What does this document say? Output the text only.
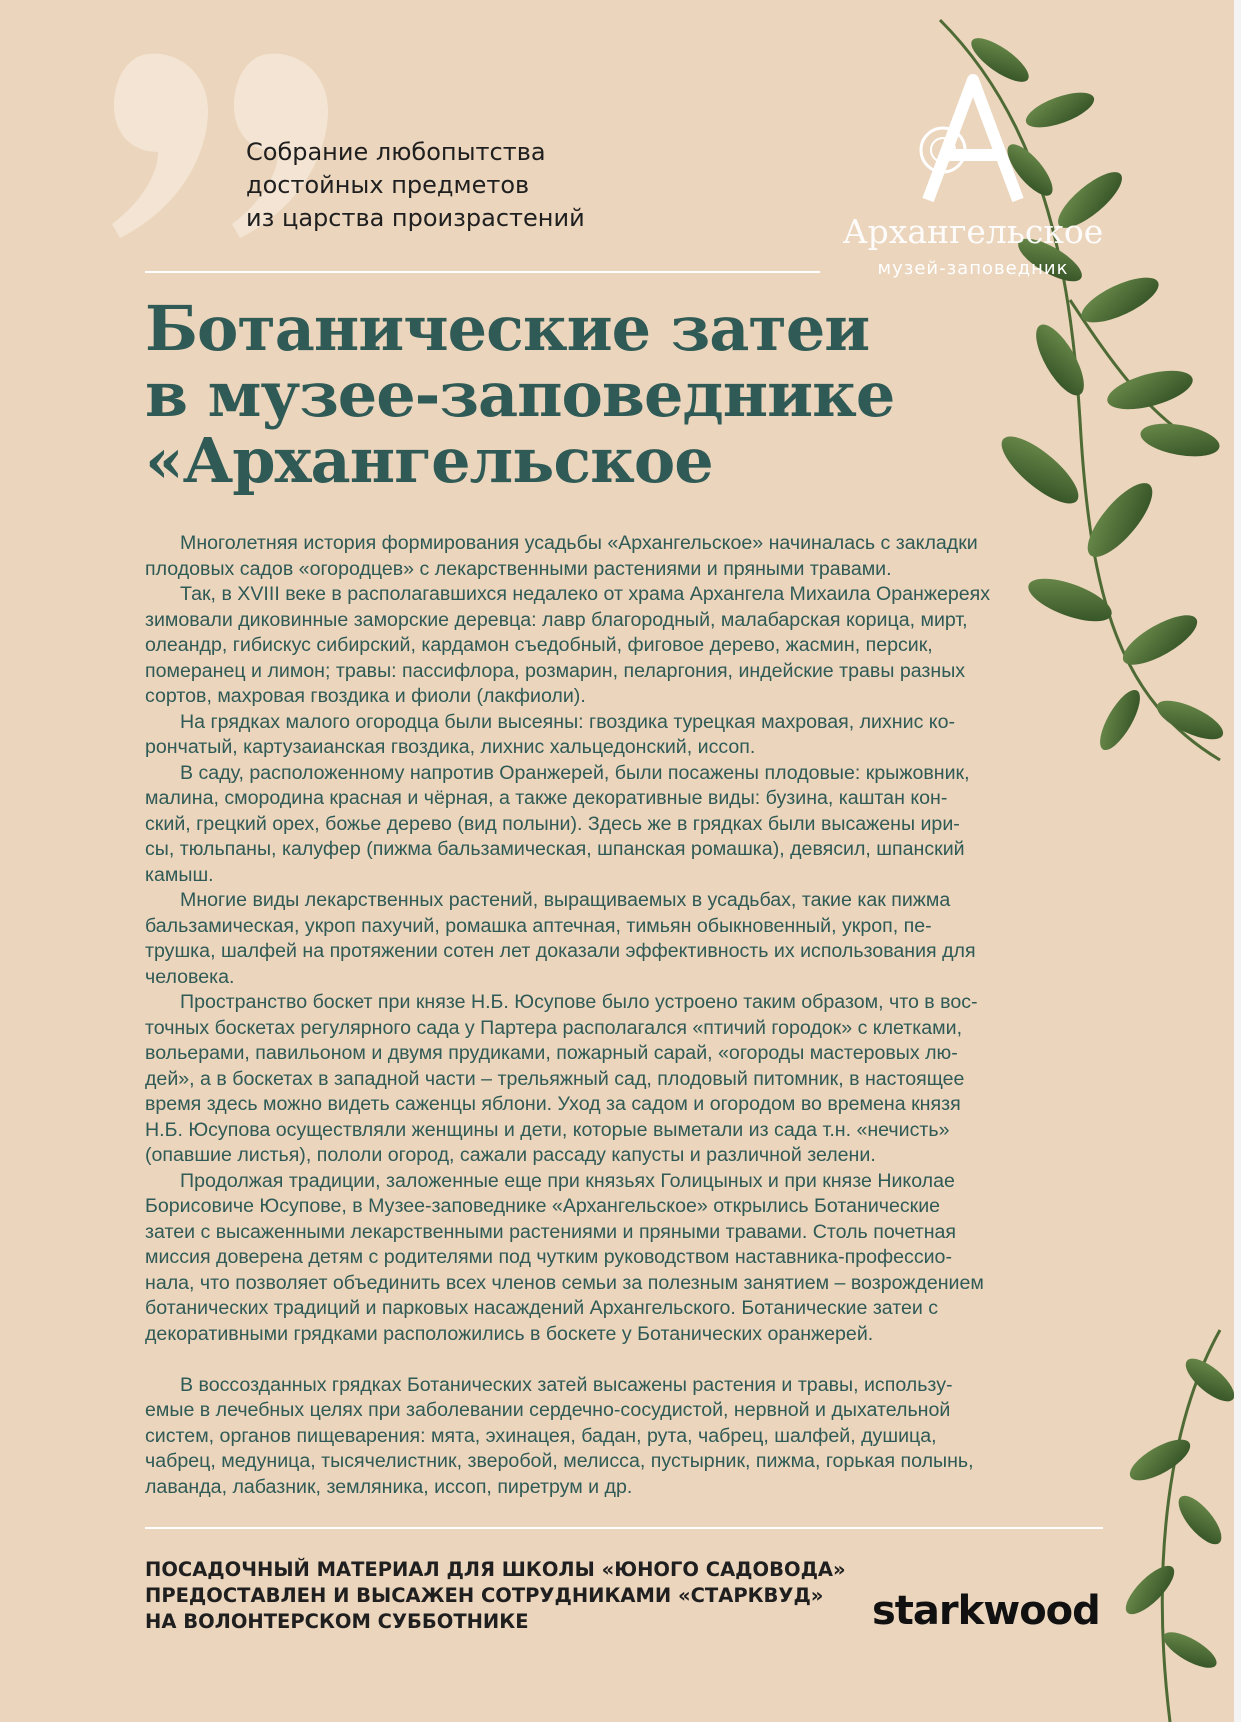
Собрание любопытства
достойных предметов
из царства произрастений
Ботанические затеи
в музее-заповеднике
«Архангельское
Многолетняя история формирования усадьбы «Архангельское» начиналась с закладки
плодовых садов «огородцев» с лекарственными растениями и пряными травами.
Так, в XVIII веке в располагавшихся недалеко от храма Архангела Михаила Оранжереях
зимовали диковинные заморские деревца: лавр благородный, малабарская корица, мирт,
олеандр, гибискус сибирский, кардамон съедобный, фиговое дерево, жасмин, персик,
померанец и лимон; травы: пассифлора, розмарин, пеларгония, индейские травы разных
сортов, махровая гвоздика и фиоли (лакфиоли).
На грядках малого огородца были высеяны: гвоздика турецкая махровая, лихнис ко-
рончатый, картузаианская гвоздика, лихнис хальцедонский, иссоп.
В саду, расположенному напротив Оранжерей, были посажены плодовые: крыжовник,
малина, смородина красная и чёрная, а также декоративные виды: бузина, каштан кон-
ский, грецкий орех, божье дерево (вид полыни). Здесь же в грядках были высажены ири-
сы, тюльпаны, калуфер (пижма бальзамическая, шпанская ромашка), девясил, шпанский
камыш.
Многие виды лекарственных растений, выращиваемых в усадьбах, такие как пижма
бальзамическая, укроп пахучий, ромашка аптечная, тимьян обыкновенный, укроп, пе-
трушка, шалфей на протяжении сотен лет доказали эффективность их использования для
человека.
Пространство боскет при князе Н.Б. Юсупове было устроено таким образом, что в вос-
точных боскетах регулярного сада у Партера располагался «птичий городок» с клетками,
вольерами, павильоном и двумя прудиками, пожарный сарай, «огороды мастеровых лю-
дей», а в боскетах в западной части – трельяжный сад, плодовый питомник, в настоящее
время здесь можно видеть саженцы яблони. Уход за садом и огородом во времена князя
Н.Б. Юсупова осуществляли женщины и дети, которые выметали из сада т.н. «нечисть»
(опавшие листья), пололи огород, сажали рассаду капусты и различной зелени.
Продолжая традиции, заложенные еще при князьях Голицыных и при князе Николае
Борисовиче Юсупове, в Музее-заповеднике «Архангельское» открылись Ботанические
затеи с высаженными лекарственными растениями и пряными травами. Столь почетная
миссия доверена детям с родителями под чутким руководством наставника-профессио-
нала, что позволяет объединить всех членов семьи за полезным занятием – возрождением
ботанических традиций и парковых насаждений Архангельского. Ботанические затеи с
декоративными грядками расположились в боскете у Ботанических оранжерей.
В воссозданных грядках Ботанических затей высажены растения и травы, использу-
емые в лечебных целях при заболевании сердечно-сосудистой, нервной и дыхательной
систем, органов пищеварения: мята, эхинацея, бадан, рута, чабрец, шалфей, душица,
чабрец, медуница, тысячелистник, зверобой, мелисса, пустырник, пижма, горькая полынь,
лаванда, лабазник, земляника, иссоп, пиретрум и др.
ПОСАДОЧНЫЙ МАТЕРИАЛ ДЛЯ ШКОЛЫ «ЮНОГО САДОВОДА»
ПРЕДОСТАВЛЕН И ВЫСАЖЕН СОТРУДНИКАМИ «СТАРКВУД»
НА ВОЛОНТЕРСКОМ СУББОТНИКЕ
Архангельское
музей-заповедник
starkwood
